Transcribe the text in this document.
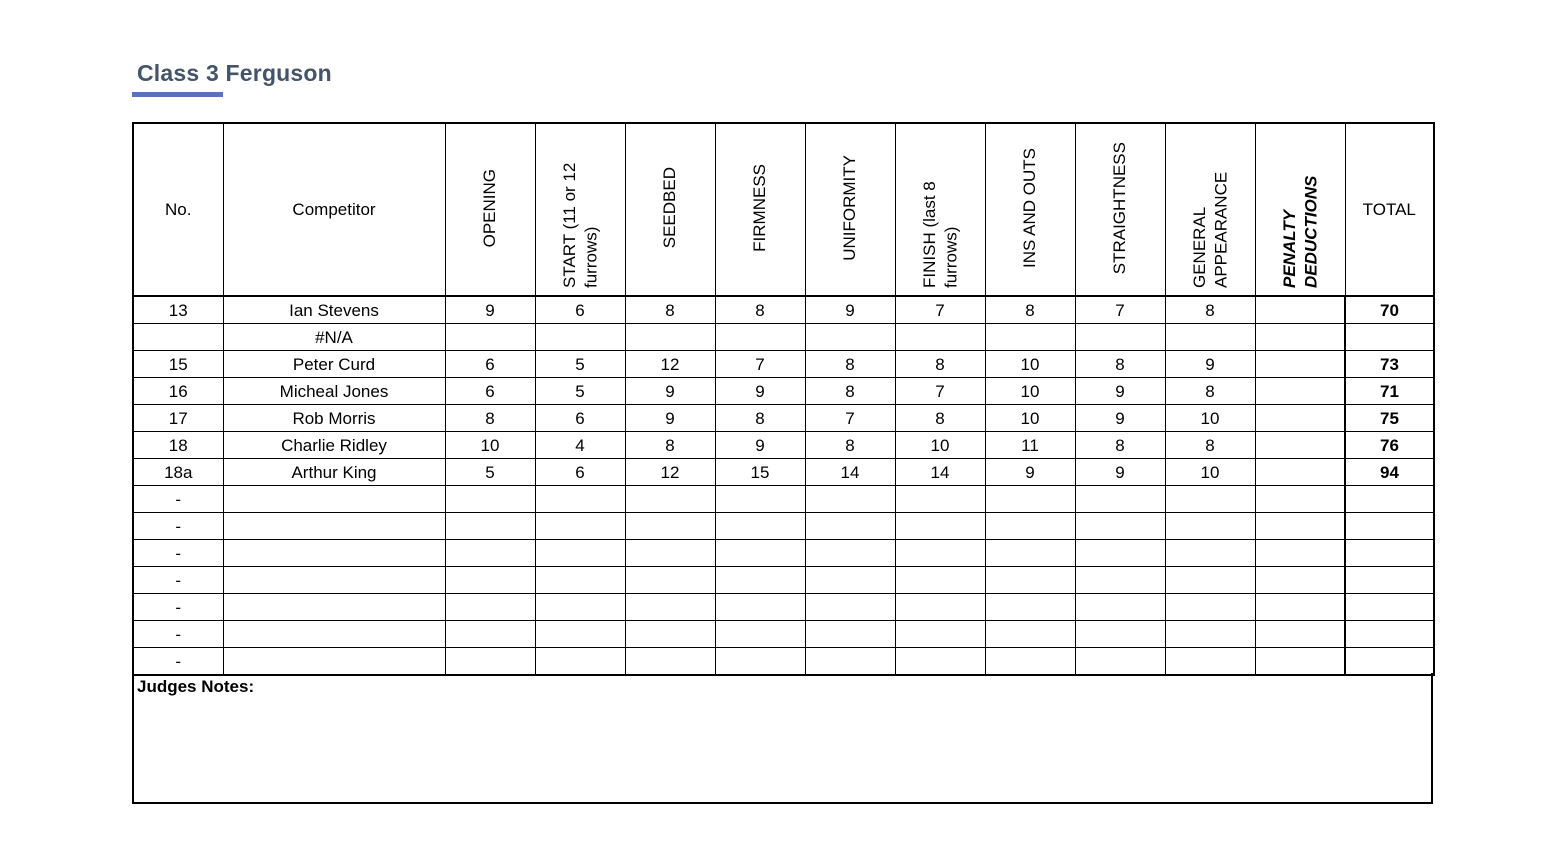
Class 3 Ferguson
No.	Competitor	OPENING	START (11 or 12 furrows)	SEEDBED	FIRMNESS	UNIFORMITY	FINISH (last 8 furrows)	INS AND OUTS	STRAIGHTNESS	GENERAL APPEARANCE	PENALTY DEDUCTIONS	TOTAL
13	Ian Stevens	9	6	8	8	9	7	8	7	8		70
	#N/A											
15	Peter Curd	6	5	12	7	8	8	10	8	9		73
16	Micheal Jones	6	5	9	9	8	7	10	9	8		71
17	Rob Morris	8	6	9	8	7	8	10	9	10		75
18	Charlie Ridley	10	4	8	9	8	10	11	8	8		76
18a	Arthur King	5	6	12	15	14	14	9	9	10		94
-												
-												
-												
-												
-												
-												
-												
Judges Notes:
